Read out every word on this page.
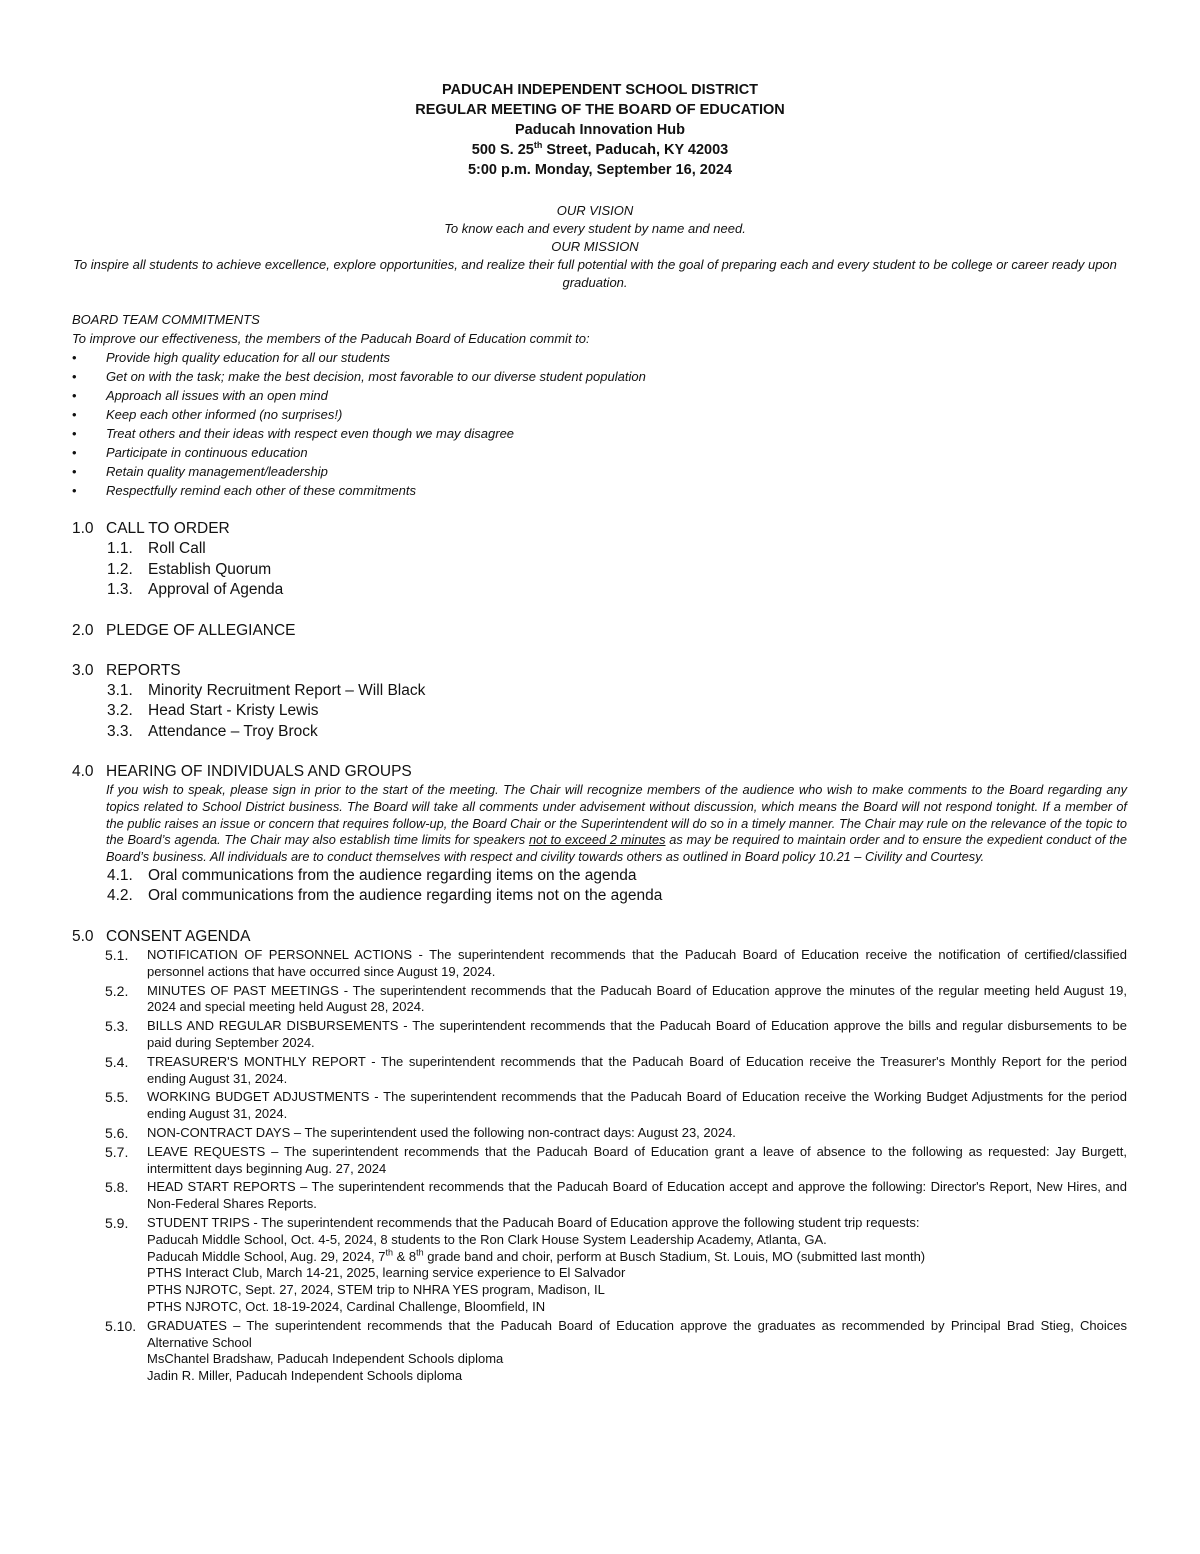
PADUCAH INDEPENDENT SCHOOL DISTRICT
REGULAR MEETING OF THE BOARD OF EDUCATION
Paducah Innovation Hub
500 S. 25th Street, Paducah, KY 42003
5:00 p.m. Monday, September 16, 2024
OUR VISION
To know each and every student by name and need.
OUR MISSION
To inspire all students to achieve excellence, explore opportunities, and realize their full potential with the goal of preparing each and every student to be college or career ready upon graduation.
BOARD TEAM COMMITMENTS
To improve our effectiveness, the members of the Paducah Board of Education commit to:
• Provide high quality education for all our students
• Get on with the task; make the best decision, most favorable to our diverse student population
• Approach all issues with an open mind
• Keep each other informed (no surprises!)
• Treat others and their ideas with respect even though we may disagree
• Participate in continuous education
• Retain quality management/leadership
• Respectfully remind each other of these commitments
1.0 CALL TO ORDER
1.1. Roll Call
1.2. Establish Quorum
1.3. Approval of Agenda
2.0 PLEDGE OF ALLEGIANCE
3.0 REPORTS
3.1. Minority Recruitment Report – Will Black
3.2. Head Start - Kristy Lewis
3.3. Attendance – Troy Brock
4.0 HEARING OF INDIVIDUALS AND GROUPS
If you wish to speak, please sign in prior to the start of the meeting. The Chair will recognize members of the audience who wish to make comments to the Board regarding any topics related to School District business. The Board will take all comments under advisement without discussion, which means the Board will not respond tonight. If a member of the public raises an issue or concern that requires follow-up, the Board Chair or the Superintendent will do so in a timely manner. The Chair may rule on the relevance of the topic to the Board’s agenda. The Chair may also establish time limits for speakers not to exceed 2 minutes as may be required to maintain order and to ensure the expedient conduct of the Board’s business. All individuals are to conduct themselves with respect and civility towards others as outlined in Board policy 10.21 – Civility and Courtesy.
4.1. Oral communications from the audience regarding items on the agenda
4.2. Oral communications from the audience regarding items not on the agenda
5.0 CONSENT AGENDA
5.1.	NOTIFICATION OF PERSONNEL ACTIONS - The superintendent recommends that the Paducah Board of Education receive the notification of certified/classified personnel actions that have occurred since August 19, 2024.
5.2.	MINUTES OF PAST MEETINGS - The superintendent recommends that the Paducah Board of Education approve the minutes of the regular meeting held August 19, 2024 and special meeting held August 28, 2024.
5.3.	BILLS AND REGULAR DISBURSEMENTS - The superintendent recommends that the Paducah Board of Education approve the bills and regular disbursements to be paid during September 2024.
5.4.	TREASURER'S MONTHLY REPORT - The superintendent recommends that the Paducah Board of Education receive the Treasurer's Monthly Report for the period ending August 31, 2024.
5.5.	WORKING BUDGET ADJUSTMENTS - The superintendent recommends that the Paducah Board of Education receive the Working Budget Adjustments for the period ending August 31, 2024.
5.6.	NON-CONTRACT DAYS – The superintendent used the following non-contract days: August 23, 2024.
5.7.	LEAVE REQUESTS – The superintendent recommends that the Paducah Board of Education grant a leave of absence to the following as requested: Jay Burgett, intermittent days beginning Aug. 27, 2024
5.8.	HEAD START REPORTS – The superintendent recommends that the Paducah Board of Education accept and approve the following: Director's Report, New Hires, and Non-Federal Shares Reports.
5.9.	STUDENT TRIPS - The superintendent recommends that the Paducah Board of Education approve the following student trip requests:
Paducah Middle School, Oct. 4-5, 2024, 8 students to the Ron Clark House System Leadership Academy, Atlanta, GA.
Paducah Middle School, Aug. 29, 2024, 7th & 8th grade band and choir, perform at Busch Stadium, St. Louis, MO (submitted last month)
PTHS Interact Club, March 14-21, 2025, learning service experience to El Salvador
PTHS NJROTC, Sept. 27, 2024, STEM trip to NHRA YES program, Madison, IL
PTHS NJROTC, Oct. 18-19-2024, Cardinal Challenge, Bloomfield, IN
5.10. GRADUATES – The superintendent recommends that the Paducah Board of Education approve the graduates as recommended by Principal Brad Stieg, Choices Alternative School
MsChantel Bradshaw, Paducah Independent Schools diploma
Jadin R. Miller, Paducah Independent Schools diploma
